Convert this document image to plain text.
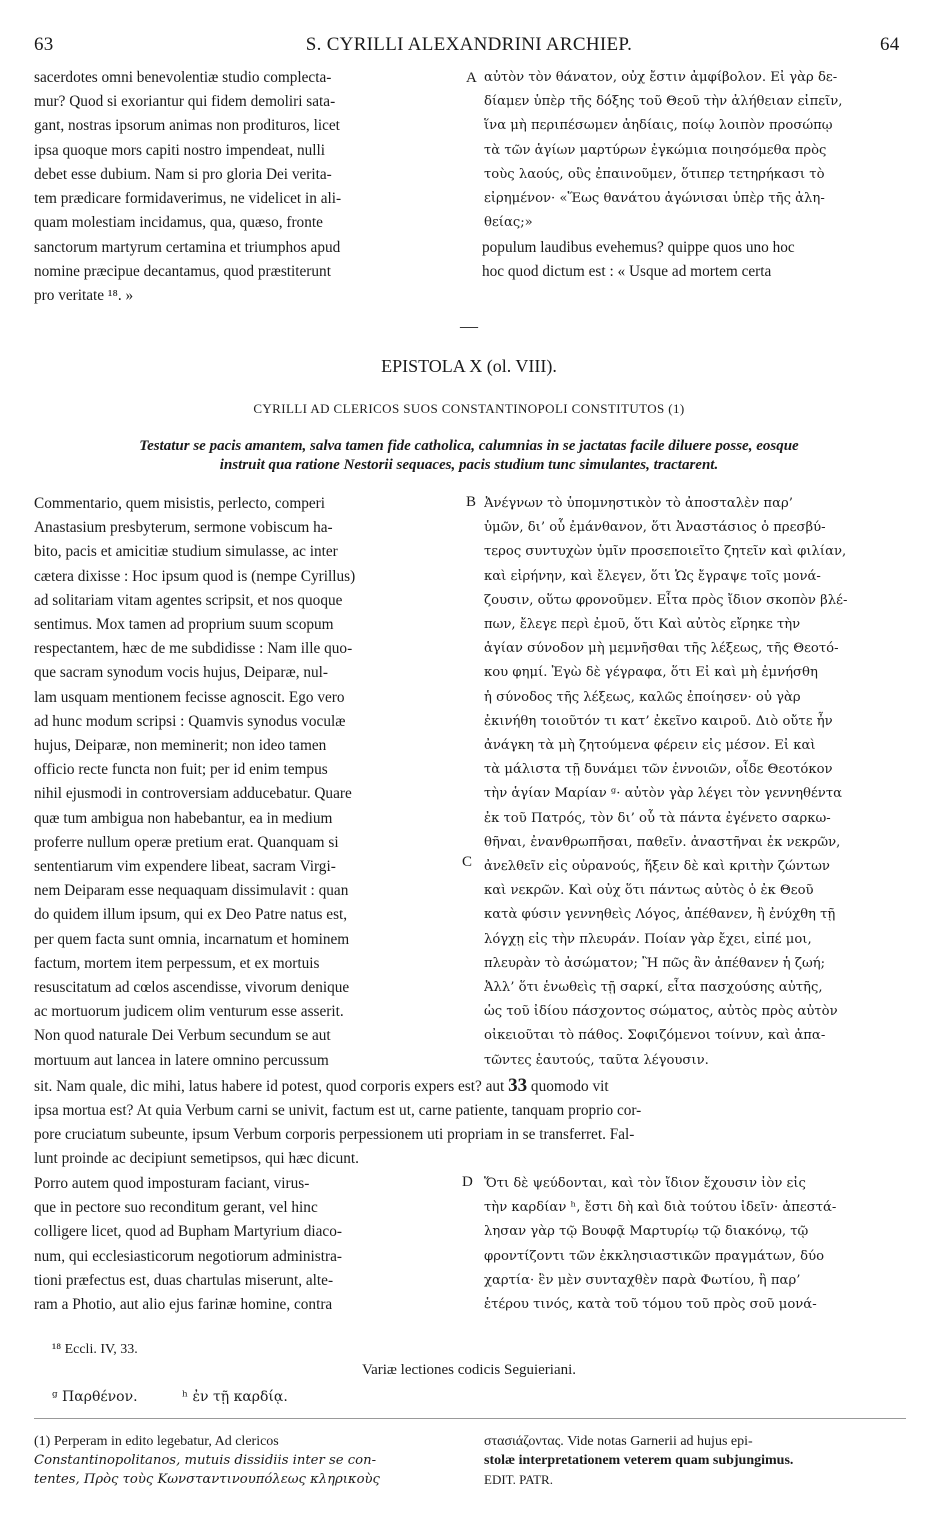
63	S. CYRILLI ALEXANDRINI ARCHIEP.	64
sacerdotes omni benevolentiæ studio complecta-
mur? Quod si exoriantur qui fidem demoliri sata-
gant, nostras ipsorum animas non prodituros, licet
ipsa quoque mors capiti nostro impendeat, nulli
debet esse dubium. Nam si pro gloria Dei verita-
tem prædicare formidaverimus, ne videlicet in ali-
quam molestiam incidamus, qua, quæso, fronte
A αὐτὸν τὸν θάνατον, οὐχ ἔστιν ἀμφίβολον. Εἰ γὰρ δε-
δίαμεν ὑπὲρ τῆς δόξης τοῦ Θεοῦ τὴν ἀλήθειαν εἰπεῖν,
ἵνα μὴ περιπέσωμεν ἀηδίαις, ποίῳ λοιπὸν προσώπῳ
τὰ τῶν ἁγίων μαρτύρων ἐγκώμια ποιησόμεθα πρὸς
τοὺς λαούς, οὓς ἐπαινοῦμεν, ὅτιπερ τετηρήκασι τὸ
εἰρημένον· «Ἕως θανάτου ἀγώνισαι ὑπὲρ τῆς ἀλη-
θείας;»
sanctorum martyrum certamina et triumphos apud
nomine præcipue decantamus, quod præstiterunt
pro veritate ¹⁸. »
populum laudibus evehemus? quippe quos uno hoc
hoc quod dictum est : « Usque ad mortem certa
—
EPISTOLA X (ol. VIII).
CYRILLI AD CLERICOS SUOS CONSTANTINOPOLI CONSTITUTOS (1)
Testatur se pacis amantem, salva tamen fide catholica, calumnias in se jactatas facile diluere posse, eosque
instruit qua ratione Nestorii sequaces, pacis studium tunc simulantes, tractarent.
Commentario, quem misistis, perlecto, comperi
Anastasium presbyterum, sermone vobiscum ha-
bito, pacis et amicitiæ studium simulasse, ac inter
cætera dixisse : Hoc ipsum quod is (nempe Cyrillus)
ad solitariam vitam agentes scripsit, et nos quoque
sentimus. Mox tamen ad proprium suum scopum
respectantem, hæc de me subdidisse : Nam ille quo-
que sacram synodum vocis hujus, Deiparæ, nul-
lam usquam mentionem fecisse agnoscit. Ego vero
ad hunc modum scripsi : Quamvis synodus voculæ
hujus, Deiparæ, non meminerit; non ideo tamen
officio recte functa non fuit; per id enim tempus
nihil ejusmodi in controversiam adducebatur. Quare
quæ tum ambigua non habebantur, ea in medium
proferre nullum operæ pretium erat. Quanquam si
sententiarum vim expendere libeat, sacram Virgi-
nem Deiparam esse nequaquam dissimulavit : quan
do quidem illum ipsum, qui ex Deo Patre natus est,
per quem facta sunt omnia, incarnatum et hominem
factum, mortem item perpessum, et ex mortuis
resuscitatum ad cœlos ascendisse, vivorum denique
ac mortuorum judicem olim venturum esse asserit.
Non quod naturale Dei Verbum secundum se aut
mortuum aut lancea in latere omnino percussum
B
C
Ἀνέγνων τὸ ὑπομνηστικὸν τὸ ἀποσταλὲν παρ’
ὑμῶν, δι’ οὗ ἐμάνθανον, ὅτι Ἀναστάσιος ὁ πρεσβύ-
τερος συντυχὼν ὑμῖν προσεποιεῖτο ζητεῖν καὶ φιλίαν,
καὶ εἰρήνην, καὶ ἔλεγεν, ὅτι Ὡς ἔγραψε τοῖς μονά-
ζουσιν, οὕτω φρονοῦμεν. Εἶτα πρὸς ἴδιον σκοπὸν βλέ-
πων, ἔλεγε περὶ ἐμοῦ, ὅτι Καὶ αὐτὸς εἴρηκε τὴν
ἁγίαν σύνοδον μὴ μεμνῆσθαι τῆς λέξεως, τῆς Θεοτό-
κου φημί. Ἐγὼ δὲ γέγραφα, ὅτι Εἰ καὶ μὴ ἐμνήσθη
ἡ σύνοδος τῆς λέξεως, καλῶς ἐποίησεν· οὐ γὰρ
ἐκινήθη τοιοῦτόν τι κατ’ ἐκεῖνο καιροῦ. Διὸ οὔτε ἦν
ἀνάγκη τὰ μὴ ζητούμενα φέρειν εἰς μέσον. Εἰ καὶ
τὰ μάλιστα τῇ δυνάμει τῶν ἐννοιῶν, οἶδε Θεοτόκον
τὴν ἁγίαν Μαρίαν ᵍ· αὐτὸν γὰρ λέγει τὸν γεννηθέντα
ἐκ τοῦ Πατρός, τὸν δι’ οὗ τὰ πάντα ἐγένετο σαρκω-
θῆναι, ἐνανθρωπῆσαι, παθεῖν. ἀναστῆναι ἐκ νεκρῶν,
ἀνελθεῖν εἰς οὐρανούς, ἥξειν δὲ καὶ κριτὴν ζώντων
καὶ νεκρῶν. Καὶ οὐχ ὅτι πάντως αὐτὸς ὁ ἐκ Θεοῦ
κατὰ φύσιν γεννηθεὶς Λόγος, ἀπέθανεν, ἢ ἐνύχθη τῇ
λόγχῃ εἰς τὴν πλευράν. Ποίαν γὰρ ἔχει, εἰπέ μοι,
πλευρὰν τὸ ἀσώματον; Ἢ πῶς ἂν ἀπέθανεν ἡ ζωή;
Ἀλλ’ ὅτι ἑνωθεὶς τῇ σαρκί, εἶτα πασχούσης αὐτῆς,
ὡς τοῦ ἰδίου πάσχοντος σώματος, αὐτὸς πρὸς αὐτὸν
οἰκειοῦται τὸ πάθος. Σοφιζόμενοι τοίνυν, καὶ ἀπα-
τῶντες ἑαυτούς, ταῦτα λέγουσιν.
sit. Nam quale, dic mihi, latus habere id potest, quod corporis expers est? aut 33 quomodo vit
ipsa mortua est? At quia Verbum carni se univit, factum est ut, carne patiente, tanquam proprio cor-
pore cruciatum subeunte, ipsum Verbum corporis perpessionem uti propriam in se transferret. Fal-
lunt proinde ac decipiunt semetipsos, qui hæc dicunt.
Porro autem quod imposturam faciant, virus-
que in pectore suo reconditum gerant, vel hinc
colligere licet, quod ad Bupham Martyrium diaco-
num, qui ecclesiasticorum negotiorum administra-
tioni præfectus est, duas chartulas miserunt, alte-
ram a Photio, aut alio ejus farinæ homine, contra
D Ὅτι δὲ ψεύδονται, καὶ τὸν ἴδιον ἔχουσιν ἰὸν εἰς
τὴν καρδίαν ʰ, ἔστι δὴ καὶ διὰ τούτου ἰδεῖν· ἀπεστά-
λησαν γὰρ τῷ Βουφᾷ Μαρτυρίῳ τῷ διακόνῳ, τῷ
φροντίζοντι τῶν ἐκκλησιαστικῶν πραγμάτων, δύο
χαρτία· ἓν μὲν συνταχθὲν παρὰ Φωτίου, ἢ παρ’
ἑτέρου τινός, κατὰ τοῦ τόμου τοῦ πρὸς σοῦ μονά-
¹⁸ Eccli. IV, 33.
Variæ lectiones codicis Seguieriani.
ᵍ Παρθένον.	ʰ ἐν τῇ καρδίᾳ.
(1) Perperam in edito legebatur, Ad clericos
Constantinopolitanos, mutuis dissidiis inter se con-
tentes, Πρὸς τοὺς Κωνσταντινουπόλεως κληρικοὺς
στασιάζοντας. Vide notas Garnerii ad hujus epi-
stolæ interpretationem veterem quam subjungimus.
EDIT. PATR.
